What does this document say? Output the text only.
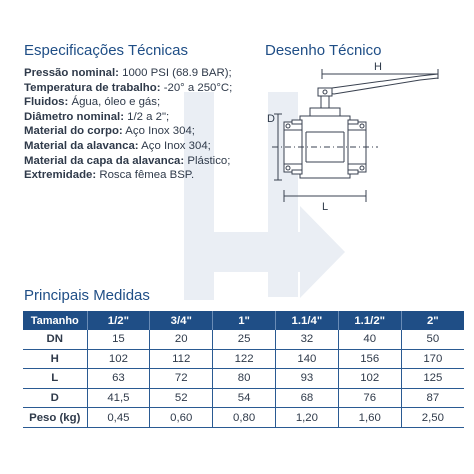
Especificações Técnicas
Pressão nominal: 1000 PSI (68.9 BAR);
Temperatura de trabalho: -20° a 250°C;
Fluidos: Água, óleo e gás;
Diâmetro nominal: 1/2 a 2";
Material do corpo: Aço Inox 304;
Material da alavanca: Aço Inox 304;
Material da capa da alavanca: Plástico;
Extremidade: Rosca fêmea BSP.
Desenho Técnico
H
D
L
Principais Medidas
Tamanho	1/2"	3/4"	1"	1.1/4"	1.1/2"	2"
DN	15	20	25	32	40	50
H	102	112	122	140	156	170
L	63	72	80	93	102	125
D	41,5	52	54	68	76	87
Peso (kg)	0,45	0,60	0,80	1,20	1,60	2,50
